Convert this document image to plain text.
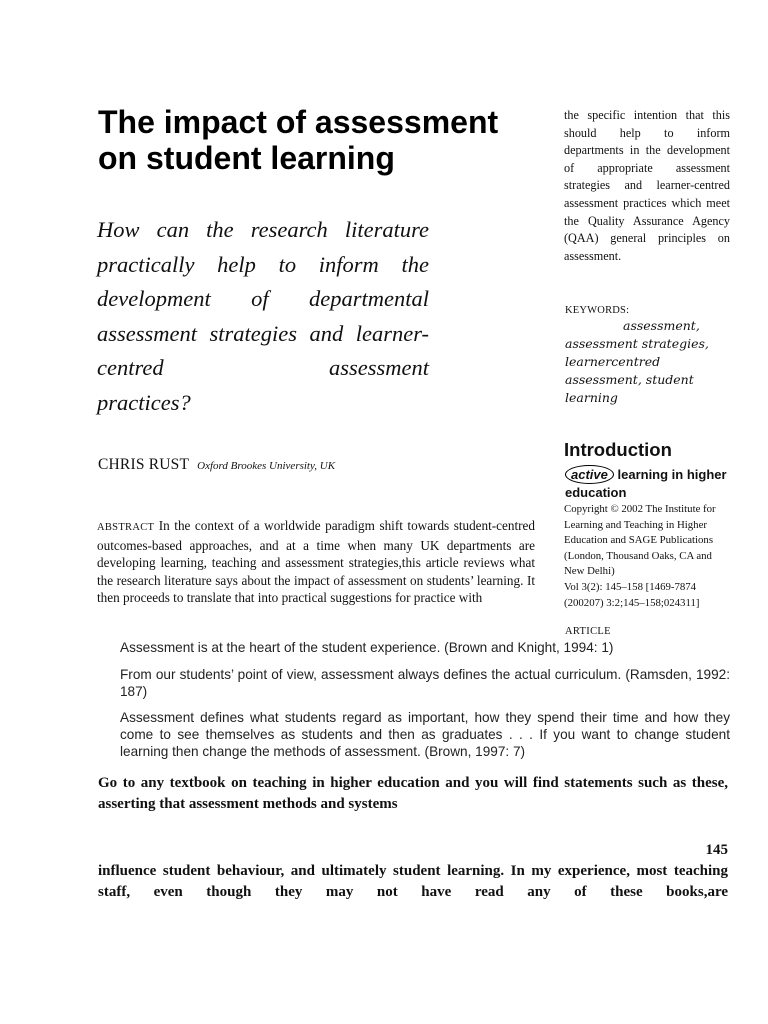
The impact of assessment on student learning

How can the research literature practically help to inform the development of departmental assessment strategies and learner-centred assessment
practices?

CHRIS RUST Oxford Brookes University, UK

ABSTRACT In the context of a worldwide paradigm shift towards student-centred outcomes-based approaches, and at a time when many UK departments are developing learning, teaching and assessment strategies,this article reviews what the research literature says about the impact of assessment on students’ learning. It then proceeds to translate that into practical suggestions for practice with

the specific intention that this should help to inform departments in the development of appropriate assessment strategies and learner-centred assessment practices which meet the Quality Assurance Agency (QAA) general principles on assessment.

KEYWORDS:

assessment, assessment strategies, learnercentred assessment, student learning

Introduction
active learning in higher education
Copyright © 2002 The Institute for Learning and Teaching in Higher Education and SAGE Publications (London, Thousand Oaks, CA and New Delhi)
Vol 3(2): 145–158 [1469-7874 (200207) 3:2;145–158;024311]
ARTICLE

Assessment is at the heart of the student experience. (Brown and Knight, 1994: 1)

From our students’ point of view, assessment always defines the actual curriculum. (Ramsden, 1992: 187)

Assessment defines what students regard as important, how they spend their time and how they come to see themselves as students and then as graduates . . . If you want to change student learning then change the methods of assessment. (Brown, 1997: 7)

Go to any textbook on teaching in higher education and you will find statements such as these, asserting that assessment methods and systems

145

influence student behaviour, and ultimately student learning. In my experience, most teaching staff, even though they may not have read any of these books,are
